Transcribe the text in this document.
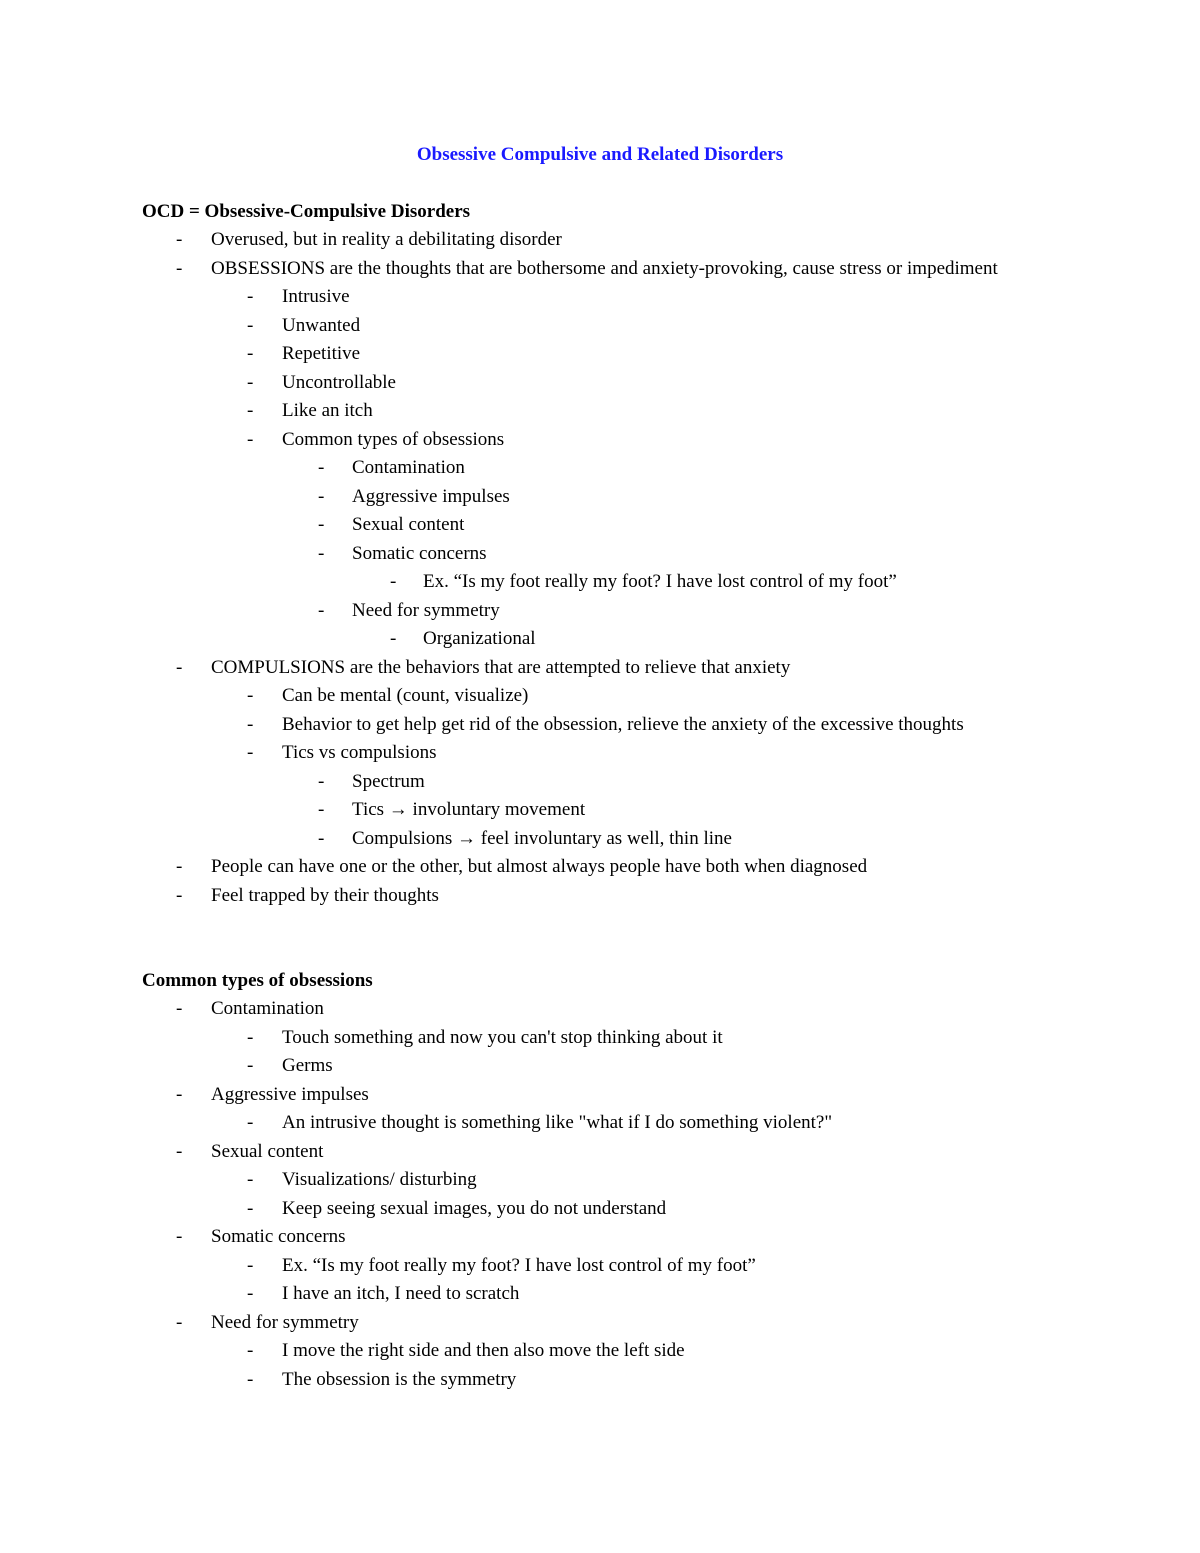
Obsessive Compulsive and Related Disorders
OCD = Obsessive-Compulsive Disorders
- Overused, but in reality a debilitating disorder
- OBSESSIONS are the thoughts that are bothersome and anxiety-provoking, cause stress or impediment
- Intrusive
- Unwanted
- Repetitive
- Uncontrollable
- Like an itch
- Common types of obsessions
- Contamination
- Aggressive impulses
- Sexual content
- Somatic concerns
- Ex. “Is my foot really my foot? I have lost control of my foot”
- Need for symmetry
- Organizational
- COMPULSIONS are the behaviors that are attempted to relieve that anxiety
- Can be mental (count, visualize)
- Behavior to get help get rid of the obsession, relieve the anxiety of the excessive thoughts
- Tics vs compulsions
- Spectrum
- Tics → involuntary movement
- Compulsions → feel involuntary as well, thin line
- People can have one or the other, but almost always people have both when diagnosed
- Feel trapped by their thoughts
Common types of obsessions
- Contamination
- Touch something and now you can't stop thinking about it
- Germs
- Aggressive impulses
- An intrusive thought is something like "what if I do something violent?"
- Sexual content
- Visualizations/ disturbing
- Keep seeing sexual images, you do not understand
- Somatic concerns
- Ex. “Is my foot really my foot? I have lost control of my foot”
- I have an itch, I need to scratch
- Need for symmetry
- I move the right side and then also move the left side
- The obsession is the symmetry
